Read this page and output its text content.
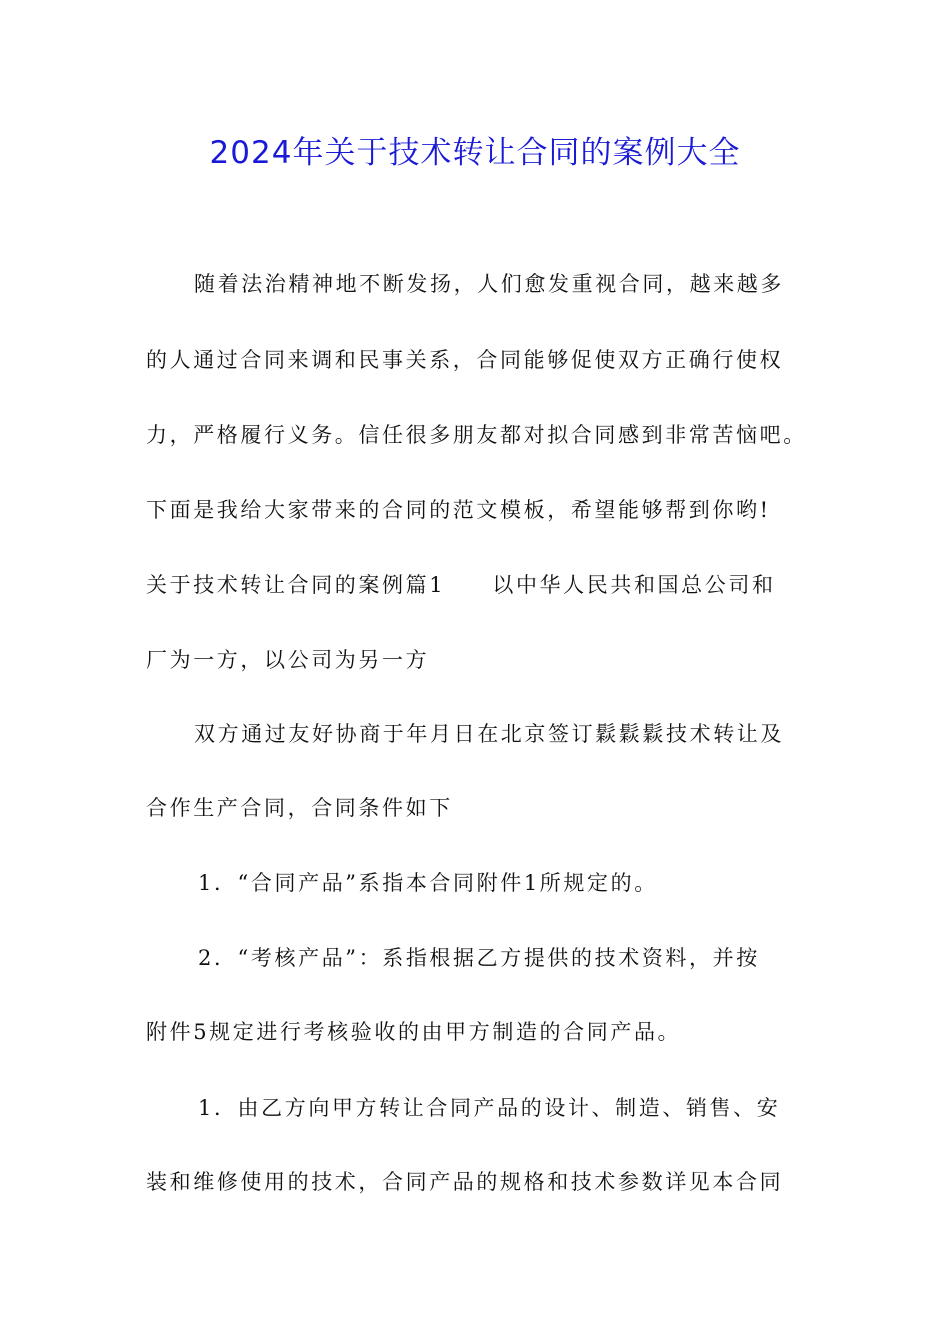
2024年关于技术转让合同的案例大全
随着法治精神地不断发扬，人们愈发重视合同，越来越多
的人通过合同来调和民事关系，合同能够促使双方正确行使权
力，严格履行义务。信任很多朋友都对拟合同感到非常苦恼吧。
下面是我给大家带来的合同的范文模板，希望能够帮到你哟!
关于技术转让合同的案例篇1　　以中华人民共和国总公司和
厂为一方，以公司为另一方
双方通过友好协商于年月日在北京签订鬏鬏鬏技术转让及
合作生产合同，合同条件如下
1．“合同产品”系指本合同附件1所规定的。
2．“考核产品”：系指根据乙方提供的技术资料，并按
附件5规定进行考核验收的由甲方制造的合同产品。
1．由乙方向甲方转让合同产品的设计、制造、销售、安
装和维修使用的技术，合同产品的规格和技术参数详见本合同
